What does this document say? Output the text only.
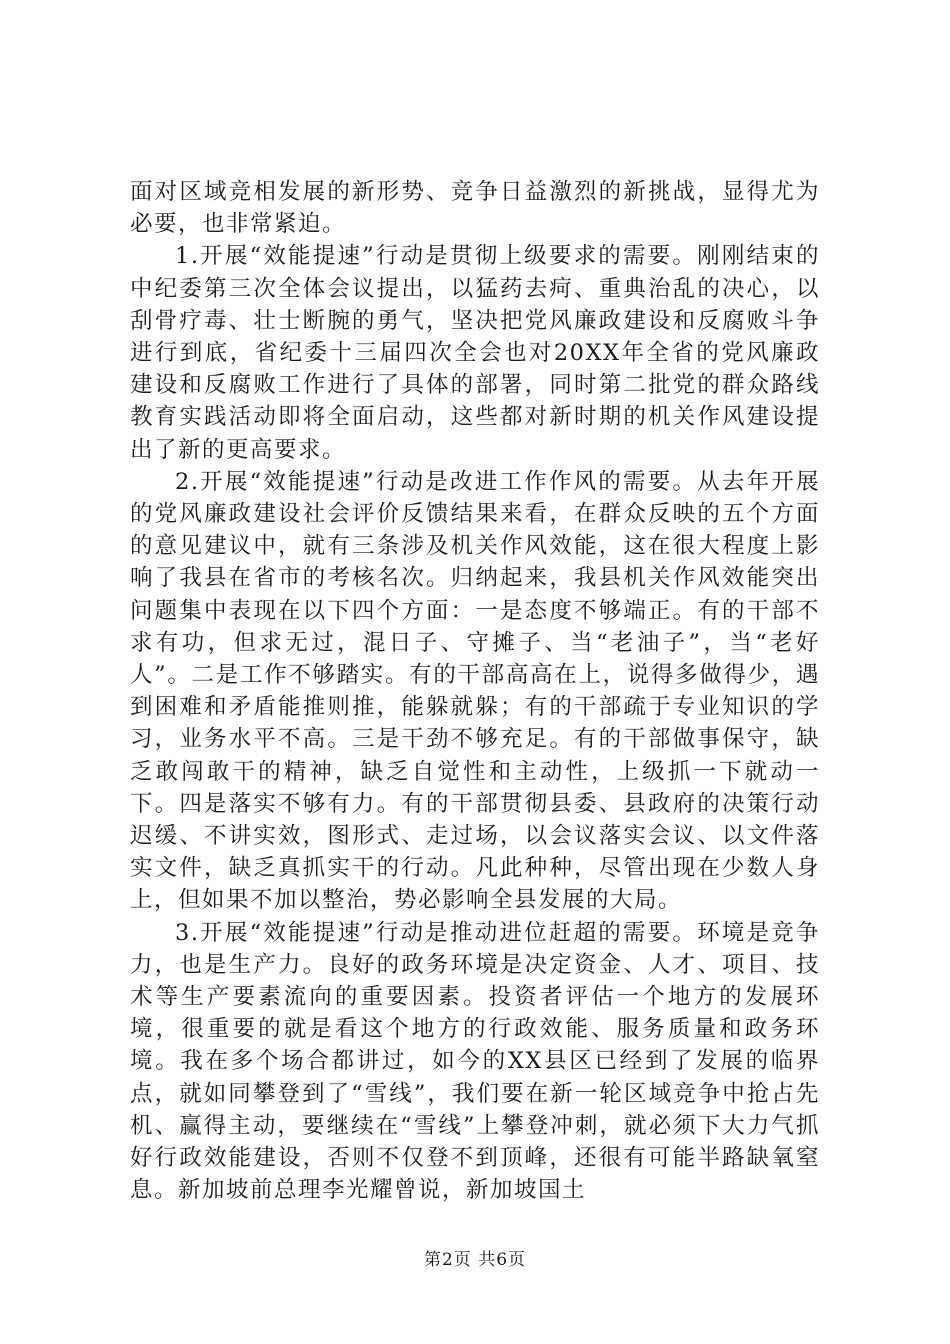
面对区域竞相发展的新形势、竞争日益激烈的新挑战，显得尤为必要，也非常紧迫。

1.开展“效能提速”行动是贯彻上级要求的需要。刚刚结束的中纪委第三次全体会议提出，以猛药去疴、重典治乱的决心，以刮骨疗毒、壮士断腕的勇气，坚决把党风廉政建设和反腐败斗争进行到底，省纪委十三届四次全会也对20XX年全省的党风廉政建设和反腐败工作进行了具体的部署，同时第二批党的群众路线教育实践活动即将全面启动，这些都对新时期的机关作风建设提出了新的更高要求。

2.开展“效能提速”行动是改进工作作风的需要。从去年开展的党风廉政建设社会评价反馈结果来看，在群众反映的五个方面的意见建议中，就有三条涉及机关作风效能，这在很大程度上影响了我县在省市的考核名次。归纳起来，我县机关作风效能突出问题集中表现在以下四个方面：一是态度不够端正。有的干部不求有功，但求无过，混日子、守摊子、当“老油子”，当“老好人”。二是工作不够踏实。有的干部高高在上，说得多做得少，遇到困难和矛盾能推则推，能躲就躲；有的干部疏于专业知识的学习，业务水平不高。三是干劲不够充足。有的干部做事保守，缺乏敢闯敢干的精神，缺乏自觉性和主动性，上级抓一下就动一下。四是落实不够有力。有的干部贯彻县委、县政府的决策行动迟缓、不讲实效，图形式、走过场，以会议落实会议、以文件落实文件，缺乏真抓实干的行动。凡此种种，尽管出现在少数人身上，但如果不加以整治，势必影响全县发展的大局。

3.开展“效能提速”行动是推动进位赶超的需要。环境是竞争力，也是生产力。良好的政务环境是决定资金、人才、项目、技术等生产要素流向的重要因素。投资者评估一个地方的发展环境，很重要的就是看这个地方的行政效能、服务质量和政务环境。我在多个场合都讲过，如今的XX县区已经到了发展的临界点，就如同攀登到了“雪线”，我们要在新一轮区域竞争中抢占先机、赢得主动，要继续在“雪线”上攀登冲刺，就必须下大力气抓好行政效能建设，否则不仅登不到顶峰，还很有可能半路缺氧窒息。新加坡前总理李光耀曾说，新加坡国土

第2页 共6页
